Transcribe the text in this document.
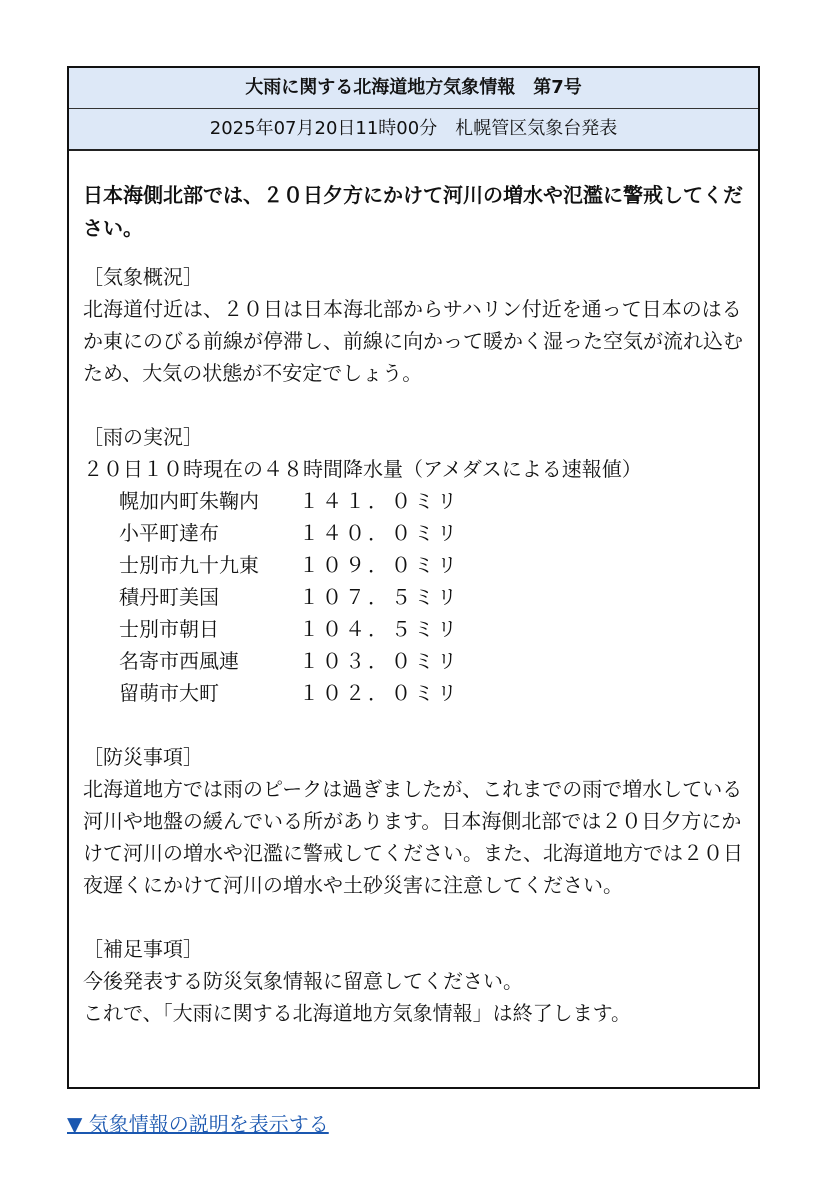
大雨に関する北海道地方気象情報　第7号
2025年07月20日11時00分　札幌管区気象台発表
日本海側北部では、２０日夕方にかけて河川の増水や氾濫に警戒してください。
［気象概況］
北海道付近は、２０日は日本海北部からサハリン付近を通って日本のはるか東にのびる前線が停滞し、前線に向かって暖かく湿った空気が流れ込むため、大気の状態が不安定でしょう。
［雨の実況］
２０日１０時現在の４８時間降水量（アメダスによる速報値）
幌加内町朱鞠内	１４１．０ミリ
小平町達布	１４０．０ミリ
士別市九十九東	１０９．０ミリ
積丹町美国	１０７．５ミリ
士別市朝日	１０４．５ミリ
名寄市西風連	１０３．０ミリ
留萌市大町	１０２．０ミリ
［防災事項］
北海道地方では雨のピークは過ぎましたが、これまでの雨で増水している河川や地盤の緩んでいる所があります。日本海側北部では２０日夕方にかけて河川の増水や氾濫に警戒してください。また、北海道地方では２０日夜遅くにかけて河川の増水や土砂災害に注意してください。
［補足事項］
今後発表する防災気象情報に留意してください。
これで、「大雨に関する北海道地方気象情報」は終了します。
▼ 気象情報の説明を表示する
